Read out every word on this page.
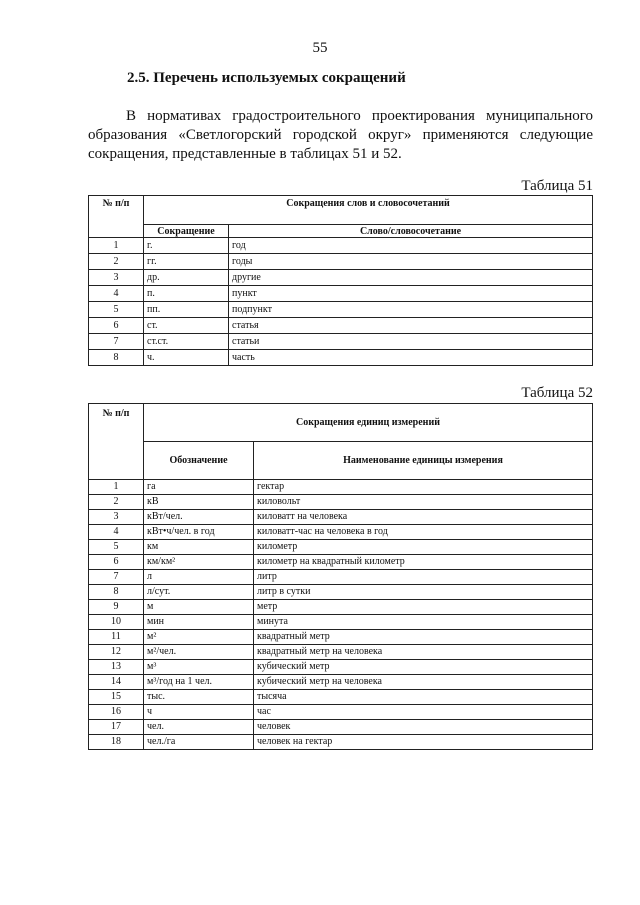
55
2.5. Перечень используемых сокращений

В нормативах градостроительного проектирования муниципального образования «Светлогорский городской округ» применяются следующие сокращения, представленные в таблицах 51 и 52.

Таблица 51
№ п/п	Сокращения слов и словосочетаний	
	Сокращение	Слово/словосочетание
1	г.	год
2	гг.	годы
3	др.	другие
4	п.	пункт
5	пп.	подпункт
6	ст.	статья
7	ст.ст.	статьи
8	ч.	часть
Таблица 52
№ п/п	Сокращения единиц измерений	
	Обозначение	Наименование единицы измерения
1	га	гектар
2	кВ	киловольт
3	кВт/чел.	киловатт на человека
4	кВт•ч/чел. в год	киловатт-час на человека в год
5	км	километр
6	км/км²	километр на квадратный километр
7	л	литр
8	л/сут.	литр в сутки
9	м	метр
10	мин	минута
11	м²	квадратный метр
12	м²/чел.	квадратный метр на человека
13	м³	кубический метр
14	м³/год на 1 чел.	кубический метр на человека
15	тыс.	тысяча
16	ч	час
17	чел.	человек
18	чел./га	человек на гектар
